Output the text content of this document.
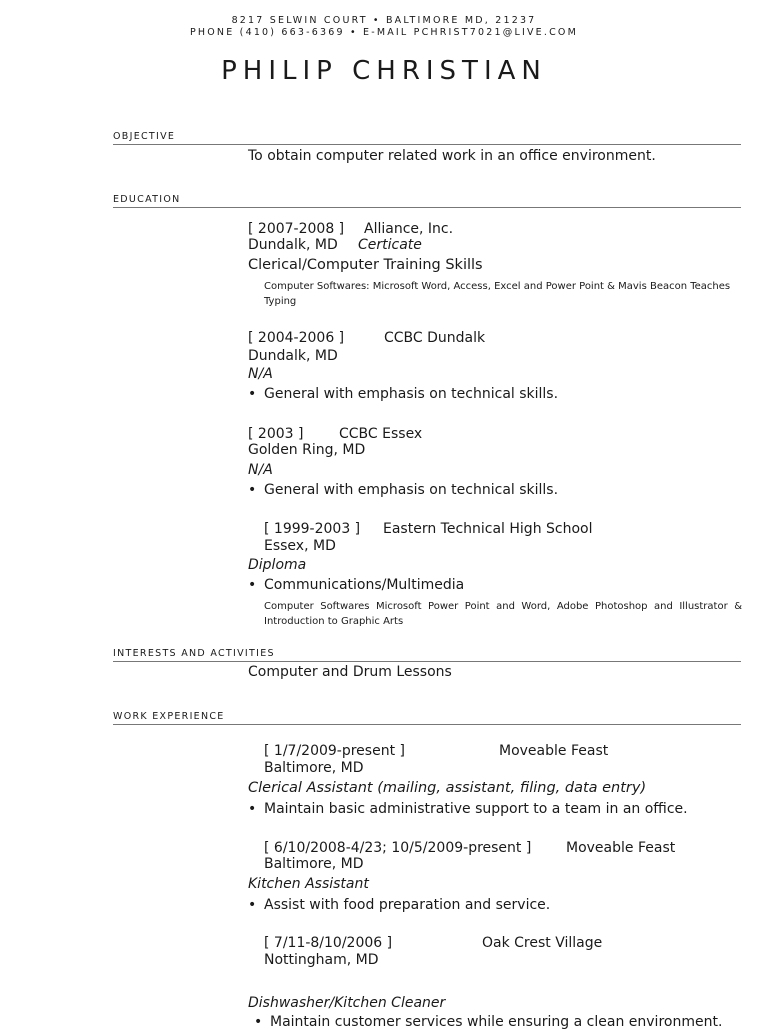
8217 SELWIN COURT • BALTIMORE MD, 21237
PHONE (410) 663-6369 • E-MAIL PCHRIST7021@LIVE.COM
PHILIP CHRISTIAN
OBJECTIVE
To obtain computer related work in an office environment.
EDUCATION
[ 2007-2008 ] Alliance, Inc.
Dundalk, MD Certicate
Clerical/Computer Training Skills
Computer Softwares: Microsoft Word, Access, Excel and Power Point & Mavis Beacon Teaches Typing
[ 2004-2006 ]	CCBC Dundalk
Dundalk, MD
N/A
• General with emphasis on technical skills.
[ 2003 ]	CCBC Essex
Golden Ring, MD
N/A
• General with emphasis on technical skills.
[ 1999-2003 ] Eastern Technical High School
Essex, MD
Diploma
• Communications/Multimedia
Computer Softwares Microsoft Power Point and Word, Adobe Photoshop and Illustrator & Introduction to Graphic Arts
INTERESTS AND ACTIVITIES
Computer and Drum Lessons
WORK EXPERIENCE
[ 1/7/2009-present ]	Moveable Feast
Baltimore, MD
Clerical Assistant (mailing, assistant, filing, data entry)
• Maintain basic administrative support to a team in an office.
[ 6/10/2008-4/23; 10/5/2009-present ] Moveable Feast
Baltimore, MD
Kitchen Assistant
• Assist with food preparation and service.
[ 7/11-8/10/2006 ]	Oak Crest Village
Nottingham, MD
Dishwasher/Kitchen Cleaner
• Maintain customer services while ensuring a clean environment.
